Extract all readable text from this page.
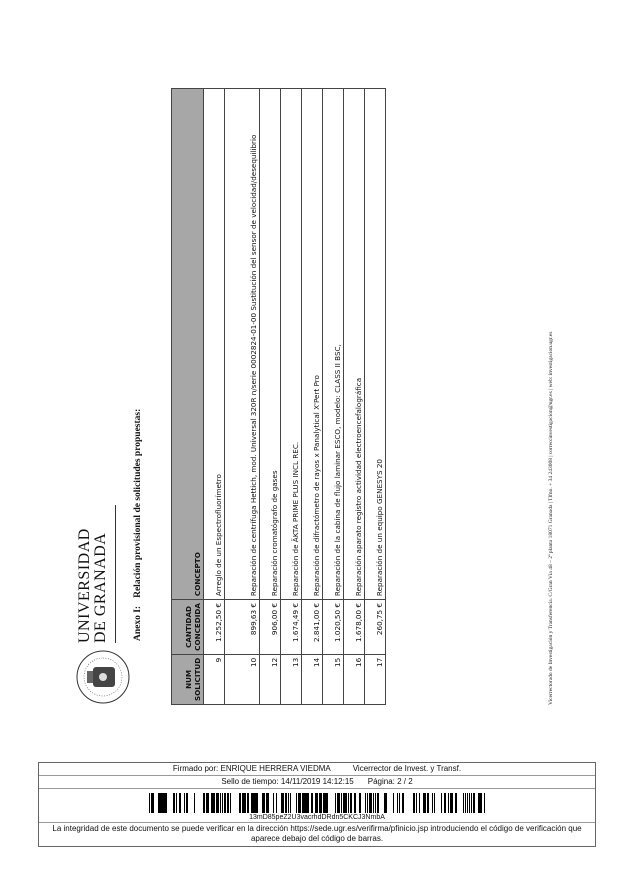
UNIVERSIDAD DE GRANADA	Anexo I:Relación provisional de solicitudes propuestas:
NUM SOLICITUD	CANTIDAD CONCEDIDA	CONCEPTO
9	1.252,50 €	Arreglo de un Espectrofluorímetro
10	899,63 €	Reparación de centrífuga Hettich, mod. Universal 320R n/serie 0002824-01-00 Sustitución del sensor de velocidad/desequilibrio
12	906,00 €	Reparación cromatógrafo de gases
13	1.674,49 €	Reparación de ÄKTA PRIME PLUS INCL REC.
14	2.841,00 €	Reparación de difractómetro de rayos x Panalytical X'Pert Pro
15	1.020,50 €	Reparación de la cabina de flujo laminar ESCO, modelo: CLASS II BSC,
16	1.678,00 €	Reparación aparato registro actividad electroencefalográfica
17	260,75 €	Reparación de un equipo GENESYS 20	Vicerrectorado de Investigación y Transferencia. C/Gran Vía 48 – 2ª planta 18071 Granada | Tlfno. + 34 243008 | correo:investigacion@ugr.es | web: investigacion.ugr.es
Firmado por: ENRIQUE HERRERA VIEDMA	Vicerrector de Invest. y Transf.
Sello de tiempo: 14/11/2019 14:12:15 Página: 2 / 2
13mD85peZ2U3vacrhdDRdn5CKCJ3NmbA
La integridad de este documento se puede verificar en la dirección https://sede.ugr.es/verifirma/pfinicio.jsp introduciendo el código de verificación que aparece debajo del código de barras.
